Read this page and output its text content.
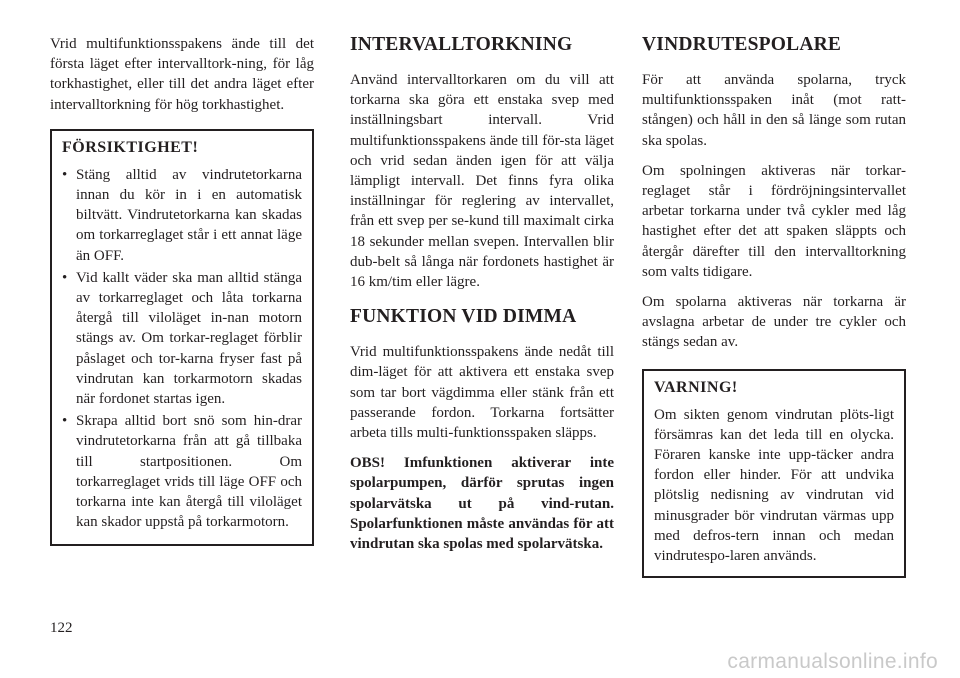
Vrid multifunktionsspakens ände till det första läget efter intervalltork-ning, för låg torkhastighet, eller till det andra läget efter intervalltorkning för hög torkhastighet.

FÖRSIKTIGHET!
• Stäng alltid av vindrutetorkarna innan du kör in i en automatisk biltvätt. Vindrutetorkarna kan skadas om torkarreglaget står i ett annat läge än OFF.
• Vid kallt väder ska man alltid stänga av torkarreglaget och låta torkarna återgå till viloläget in-nan motorn stängs av. Om torkar-reglaget förblir påslaget och tor-karna fryser fast på vindrutan kan torkarmotorn skadas när fordonet startas igen.
• Skrapa alltid bort snö som hin-drar vindrutetorkarna från att gå tillbaka till startpositionen. Om torkarreglaget vrids till läge OFF och torkarna inte kan återgå till viloläget kan skador uppstå på torkarmotorn.
INTERVALLTORKNING

Använd intervalltorkaren om du vill att torkarna ska göra ett enstaka svep med inställningsbart intervall. Vrid multifunktionsspakens ände till för-sta läget och vrid sedan änden igen för att välja lämpligt intervall. Det finns fyra olika inställningar för reglering av intervallet, från ett svep per se-kund till maximalt cirka 18 sekunder mellan svepen. Intervallen blir dub-belt så långa när fordonets hastighet är 16 km/tim eller lägre.

FUNKTION VID DIMMA

Vrid multifunktionsspakens ände nedåt till dim-läget för att aktivera ett enstaka svep som tar bort vägdimma eller stänk från ett passerande fordon. Torkarna fortsätter arbeta tills multi-funktionsspaken släpps.

OBS! Imfunktionen aktiverar inte spolarpumpen, därför sprutas ingen spolarvätska ut på vind-rutan. Spolarfunktionen måste användas för att vindrutan ska spolas med spolarvätska.

VINDRUTESPOLARE

För att använda spolarna, tryck multifunktionsspaken inåt (mot ratt-stången) och håll in den så länge som rutan ska spolas.

Om spolningen aktiveras när torkar-reglaget står i fördröjningsintervallet arbetar torkarna under två cykler med låg hastighet efter det att spaken släppts och återgår därefter till den intervalltorkning som valts tidigare.

Om spolarna aktiveras när torkarna är avslagna arbetar de under tre cykler och stängs sedan av.

VARNING!

Om sikten genom vindrutan plöts-ligt försämras kan det leda till en olycka. Föraren kanske inte upp-täcker andra fordon eller hinder. För att undvika plötslig nedisning av vindrutan vid minusgrader bör vindrutan värmas upp med defros-tern innan och medan vindrutespo-laren används.

122
carmanualsonline.info
